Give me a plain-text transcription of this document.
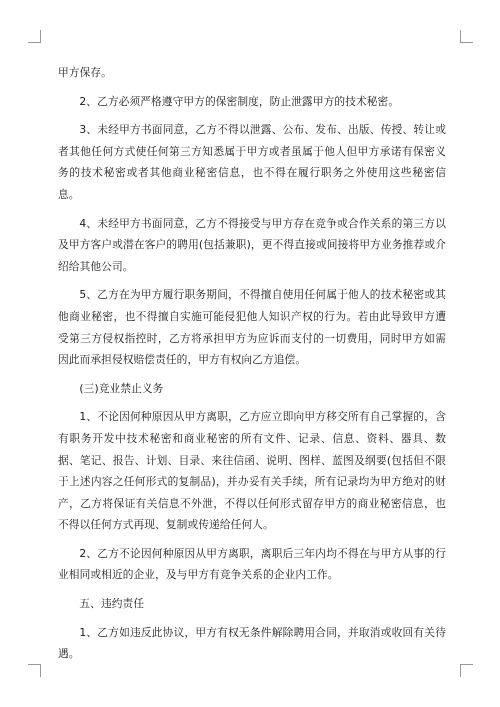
甲方保存。

2、乙方必须严格遵守甲方的保密制度，防止泄露甲方的技术秘密。

3、未经甲方书面同意，乙方不得以泄露、公布、发布、出版、传授、转让或者其他任何方式使任何第三方知悉属于甲方或者虽属于他人但甲方承诺有保密义务的技术秘密或者其他商业秘密信息，也不得在履行职务之外使用这些秘密信息。

4、未经甲方书面同意，乙方不得接受与甲方存在竞争或合作关系的第三方以及甲方客户或潜在客户的聘用(包括兼职)，更不得直接或间接将甲方业务推荐或介绍给其他公司。

5、乙方在为甲方履行职务期间，不得擅自使用任何属于他人的技术秘密或其他商业秘密，也不得擅自实施可能侵犯他人知识产权的行为。若由此导致甲方遭受第三方侵权指控时，乙方将承担甲方为应诉而支付的一切费用，同时甲方如需因此而承担侵权赔偿责任的，甲方有权向乙方追偿。

(三)竞业禁止义务

1、不论因何种原因从甲方离职，乙方应立即向甲方移交所有自己掌握的，含有职务开发中技术秘密和商业秘密的所有文件、记录、信息、资料、器具、数据、笔记、报告、计划、目录、来往信函、说明、图样、蓝图及纲要(包括但不限于上述内容之任何形式的复制品)，并办妥有关手续，所有记录均为甲方绝对的财产，乙方将保证有关信息不外泄，不得以任何形式留存甲方的商业秘密信息，也不得以任何方式再现、复制或传递给任何人。

2、乙方不论因何种原因从甲方离职，离职后三年内均不得在与甲方从事的行业相同或相近的企业，及与甲方有竞争关系的企业内工作。

五、违约责任

1、乙方如违反此协议，甲方有权无条件解除聘用合同，并取消或收回有关待遇。
